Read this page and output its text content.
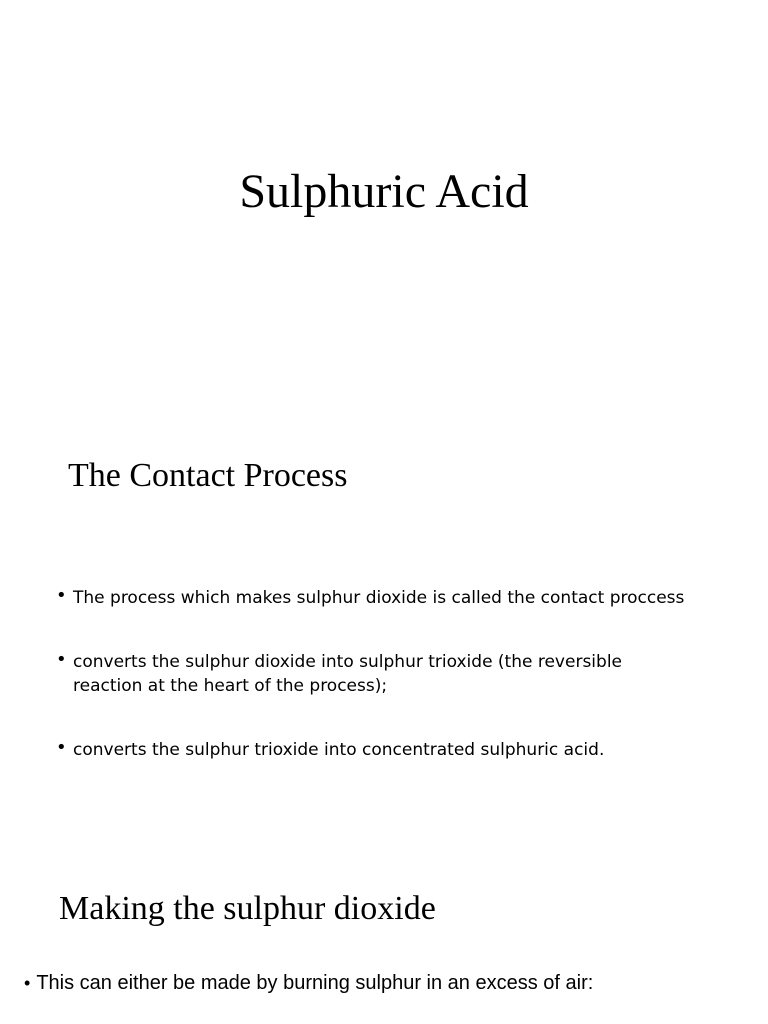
Sulphuric Acid
The Contact Process
• The process which makes sulphur dioxide is called the contact proccess
• converts the sulphur dioxide into sulphur trioxide (the reversible reaction at the heart of the process);
• converts the sulphur trioxide into concentrated sulphuric acid.
Making the sulphur dioxide
• This can either be made by burning sulphur in an excess of air:
